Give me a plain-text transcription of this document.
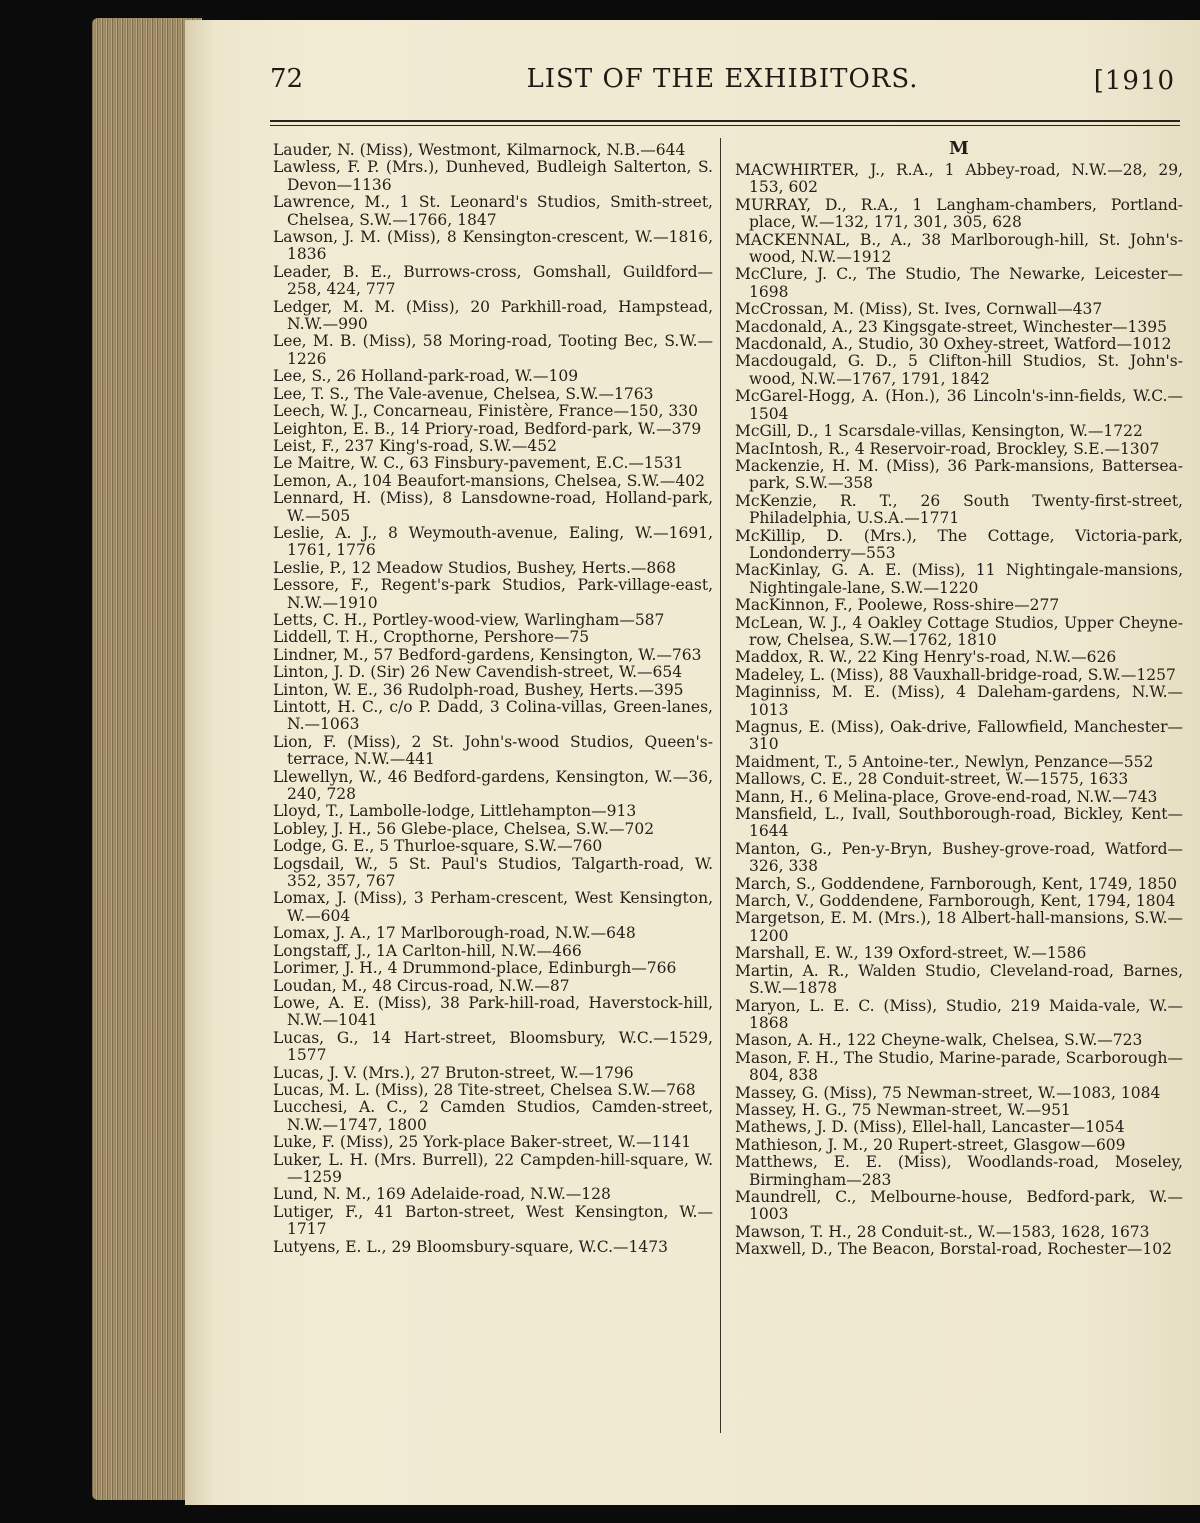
72	LIST OF THE EXHIBITORS.	[1910
Lauder, N. (Miss), Westmont, Kilmarnock, N.B.—644
Lawless, F. P. (Mrs.), Dunheved, Budleigh Salterton, S. Devon—1136
Lawrence, M., 1 St. Leonard's Studios, Smith-street, Chelsea, S.W.—1766, 1847
Lawson, J. M. (Miss), 8 Kensington-crescent, W.—1816, 1836
Leader, B. E., Burrows-cross, Gomshall, Guildford—258, 424, 777
Ledger, M. M. (Miss), 20 Parkhill-road, Hampstead, N.W.—990
Lee, M. B. (Miss), 58 Moring-road, Tooting Bec, S.W.—1226
Lee, S., 26 Holland-park-road, W.—109
Lee, T. S., The Vale-avenue, Chelsea, S.W.—1763
Leech, W. J., Concarneau, Finistère, France—150, 330
Leighton, E. B., 14 Priory-road, Bedford-park, W.—379
Leist, F., 237 King's-road, S.W.—452
Le Maitre, W. C., 63 Finsbury-pavement, E.C.—1531
Lemon, A., 104 Beaufort-mansions, Chelsea, S.W.—402
Lennard, H. (Miss), 8 Lansdowne-road, Holland-park, W.—505
Leslie, A. J., 8 Weymouth-avenue, Ealing, W.—1691, 1761, 1776
Leslie, P., 12 Meadow Studios, Bushey, Herts.—868
Lessore, F., Regent's-park Studios, Park-village-east, N.W.—1910
Letts, C. H., Portley-wood-view, Warlingham—587
Liddell, T. H., Cropthorne, Pershore—75
Lindner, M., 57 Bedford-gardens, Kensington, W.—763
Linton, J. D. (Sir) 26 New Cavendish-street, W.—654
Linton, W. E., 36 Rudolph-road, Bushey, Herts.—395
Lintott, H. C., c/o P. Dadd, 3 Colina-villas, Green-lanes, N.—1063
Lion, F. (Miss), 2 St. John's-wood Studios, Queen's-terrace, N.W.—441
Llewellyn, W., 46 Bedford-gardens, Kensington, W.—36, 240, 728
Lloyd, T., Lambolle-lodge, Littlehampton—913
Lobley, J. H., 56 Glebe-place, Chelsea, S.W.—702
Lodge, G. E., 5 Thurloe-square, S.W.—760
Logsdail, W., 5 St. Paul's Studios, Talgarth-road, W. 352, 357, 767
Lomax, J. (Miss), 3 Perham-crescent, West Kensington, W.—604
Lomax, J. A., 17 Marlborough-road, N.W.—648
Longstaff, J., 1A Carlton-hill, N.W.—466
Lorimer, J. H., 4 Drummond-place, Edinburgh—766
Loudan, M., 48 Circus-road, N.W.—87
Lowe, A. E. (Miss), 38 Park-hill-road, Haverstock-hill, N.W.—1041
Lucas, G., 14 Hart-street, Bloomsbury, W.C.—1529, 1577
Lucas, J. V. (Mrs.), 27 Bruton-street, W.—1796
Lucas, M. L. (Miss), 28 Tite-street, Chelsea S.W.—768
Lucchesi, A. C., 2 Camden Studios, Camden-street, N.W.—1747, 1800
Luke, F. (Miss), 25 York-place Baker-street, W.—1141
Luker, L. H. (Mrs. Burrell), 22 Campden-hill-square, W.—1259
Lund, N. M., 169 Adelaide-road, N.W.—128
Lutiger, F., 41 Barton-street, West Kensington, W.—1717
Lutyens, E. L., 29 Bloomsbury-square, W.C.—1473
M
MACWHIRTER, J., R.A., 1 Abbey-road, N.W.—28, 29, 153, 602
MURRAY, D., R.A., 1 Langham-chambers, Portland-place, W.—132, 171, 301, 305, 628
MACKENNAL, B., A., 38 Marlborough-hill, St. John's-wood, N.W.—1912
McClure, J. C., The Studio, The Newarke, Leicester—1698
McCrossan, M. (Miss), St. Ives, Cornwall—437
Macdonald, A., 23 Kingsgate-street, Winchester—1395
Macdonald, A., Studio, 30 Oxhey-street, Watford—1012
Macdougald, G. D., 5 Clifton-hill Studios, St. John's-wood, N.W.—1767, 1791, 1842
McGarel-Hogg, A. (Hon.), 36 Lincoln's-inn-fields, W.C.—1504
McGill, D., 1 Scarsdale-villas, Kensington, W.—1722
MacIntosh, R., 4 Reservoir-road, Brockley, S.E.—1307
Mackenzie, H. M. (Miss), 36 Park-mansions, Battersea-park, S.W.—358
McKenzie, R. T., 26 South Twenty-first-street, Philadelphia, U.S.A.—1771
McKillip, D. (Mrs.), The Cottage, Victoria-park, Londonderry—553
MacKinlay, G. A. E. (Miss), 11 Nightingale-mansions, Nightingale-lane, S.W.—1220
MacKinnon, F., Poolewe, Ross-shire—277
McLean, W. J., 4 Oakley Cottage Studios, Upper Cheyne-row, Chelsea, S.W.—1762, 1810
Maddox, R. W., 22 King Henry's-road, N.W.—626
Madeley, L. (Miss), 88 Vauxhall-bridge-road, S.W.—1257
Maginniss, M. E. (Miss), 4 Daleham-gardens, N.W.—1013
Magnus, E. (Miss), Oak-drive, Fallowfield, Manchester—310
Maidment, T., 5 Antoine-ter., Newlyn, Penzance—552
Mallows, C. E., 28 Conduit-street, W.—1575, 1633
Mann, H., 6 Melina-place, Grove-end-road, N.W.—743
Mansfield, L., Ivall, Southborough-road, Bickley, Kent—1644
Manton, G., Pen-y-Bryn, Bushey-grove-road, Watford—326, 338
March, S., Goddendene, Farnborough, Kent, 1749, 1850
March, V., Goddendene, Farnborough, Kent, 1794, 1804
Margetson, E. M. (Mrs.), 18 Albert-hall-mansions, S.W.—1200
Marshall, E. W., 139 Oxford-street, W.—1586
Martin, A. R., Walden Studio, Cleveland-road, Barnes, S.W.—1878
Maryon, L. E. C. (Miss), Studio, 219 Maida-vale, W.—1868
Mason, A. H., 122 Cheyne-walk, Chelsea, S.W.—723
Mason, F. H., The Studio, Marine-parade, Scarborough—804, 838
Massey, G. (Miss), 75 Newman-street, W.—1083, 1084
Massey, H. G., 75 Newman-street, W.—951
Mathews, J. D. (Miss), Ellel-hall, Lancaster—1054
Mathieson, J. M., 20 Rupert-street, Glasgow—609
Matthews, E. E. (Miss), Woodlands-road, Moseley, Birmingham—283
Maundrell, C., Melbourne-house, Bedford-park, W.—1003
Mawson, T. H., 28 Conduit-st., W.—1583, 1628, 1673
Maxwell, D., The Beacon, Borstal-road, Rochester—102
